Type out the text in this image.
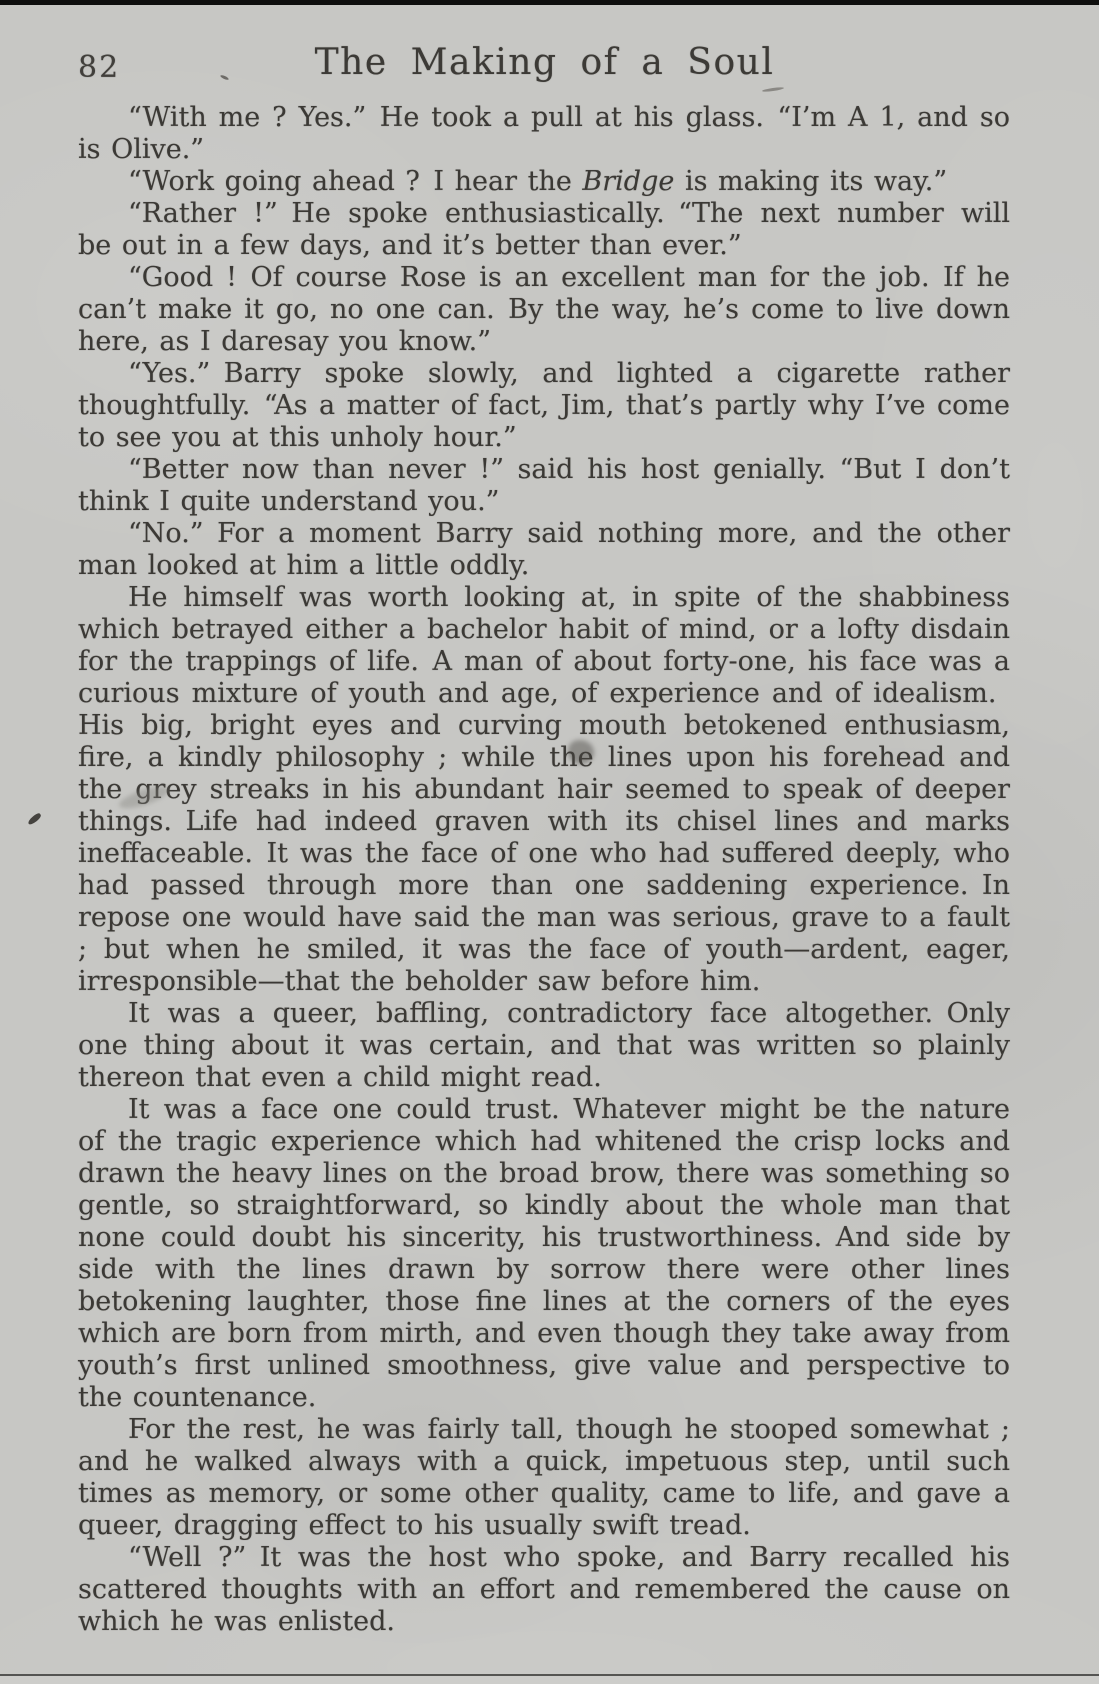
82	The Making of a Soul

“With me ? Yes.” He took a pull at his glass. “I’m A 1, and so is Olive.”

“Work going ahead ? I hear the Bridge is making its way.”

“Rather !” He spoke enthusiastically. “The next number will be out in a few days, and it’s better than ever.”

“Good ! Of course Rose is an excellent man for the job. If he can’t make it go, no one can. By the way, he’s come to live down here, as I daresay you know.”

“Yes.” Barry spoke slowly, and lighted a cigarette rather thoughtfully. “As a matter of fact, Jim, that’s partly why I’ve come to see you at this unholy hour.”

“Better now than never !” said his host genially. “But I don’t think I quite understand you.”

“No.” For a moment Barry said nothing more, and the other man looked at him a little oddly.

He himself was worth looking at, in spite of the shabbiness which betrayed either a bachelor habit of mind, or a lofty disdain for the trappings of life. A man of about forty-one, his face was a curious mixture of youth and age, of experience and of idealism. His big, bright eyes and curving mouth betokened enthusiasm, fire, a kindly philosophy ; while the lines upon his forehead and the grey streaks in his abundant hair seemed to speak of deeper things. Life had indeed graven with its chisel lines and marks ineffaceable. It was the face of one who had suffered deeply, who had passed through more than one saddening experience. In repose one would have said the man was serious, grave to a fault ; but when he smiled, it was the face of youth—ardent, eager, irresponsible—that the beholder saw before him.

It was a queer, baffling, contradictory face altogether. Only one thing about it was certain, and that was written so plainly thereon that even a child might read.

It was a face one could trust. Whatever might be the nature of the tragic experience which had whitened the crisp locks and drawn the heavy lines on the broad brow, there was something so gentle, so straightforward, so kindly about the whole man that none could doubt his sincerity, his trustworthiness. And side by side with the lines drawn by sorrow there were other lines betokening laughter, those fine lines at the corners of the eyes which are born from mirth, and even though they take away from youth’s first unlined smoothness, give value and perspective to the countenance.

For the rest, he was fairly tall, though he stooped somewhat ; and he walked always with a quick, impetuous step, until such times as memory, or some other quality, came to life, and gave a queer, dragging effect to his usually swift tread.

“Well ?” It was the host who spoke, and Barry recalled his scattered thoughts with an effort and remembered the cause on which he was enlisted.
